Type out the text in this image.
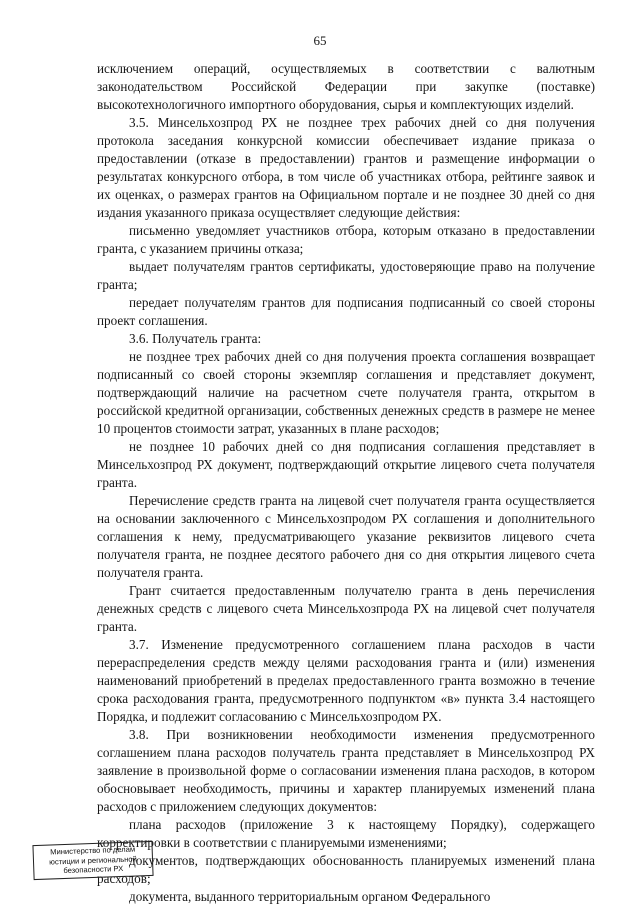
65

исключением операций, осуществляемых в соответствии с валютным законодательством Российской Федерации при закупке (поставке) высокотехнологичного импортного оборудования, сырья и комплектующих изделий.

3.5. Минсельхозпрод РХ не позднее трех рабочих дней со дня получения протокола заседания конкурсной комиссии обеспечивает издание приказа о предоставлении (отказе в предоставлении) грантов и размещение информации о результатах конкурсного отбора, в том числе об участниках отбора, рейтинге заявок и их оценках, о размерах грантов на Официальном портале и не позднее 30 дней со дня издания указанного приказа осуществляет следующие действия:

письменно уведомляет участников отбора, которым отказано в предоставлении гранта, с указанием причины отказа;

выдает получателям грантов сертификаты, удостоверяющие право на получение гранта;

передает получателям грантов для подписания подписанный со своей стороны проект соглашения.

3.6. Получатель гранта:

не позднее трех рабочих дней со дня получения проекта соглашения возвращает подписанный со своей стороны экземпляр соглашения и представляет документ, подтверждающий наличие на расчетном счете получателя гранта, открытом в российской кредитной организации, собственных денежных средств в размере не менее 10 процентов стоимости затрат, указанных в плане расходов;

не позднее 10 рабочих дней со дня подписания соглашения представляет в Минсельхозпрод РХ документ, подтверждающий открытие лицевого счета получателя гранта.

Перечисление средств гранта на лицевой счет получателя гранта осуществляется на основании заключенного с Минсельхозпродом РХ соглашения и дополнительного соглашения к нему, предусматривающего указание реквизитов лицевого счета получателя гранта, не позднее десятого рабочего дня со дня открытия лицевого счета получателя гранта.

Грант считается предоставленным получателю гранта в день перечисления денежных средств с лицевого счета Минсельхозпрода РХ на лицевой счет получателя гранта.

3.7. Изменение предусмотренного соглашением плана расходов в части перераспределения средств между целями расходования гранта и (или) изменения наименований приобретений в пределах предоставленного гранта возможно в течение срока расходования гранта, предусмотренного подпунктом «в» пункта 3.4 настоящего Порядка, и подлежит согласованию с Минсельхозпродом РХ.

3.8. При возникновении необходимости изменения предусмотренного соглашением плана расходов получатель гранта представляет в Минсельхозпрод РХ заявление в произвольной форме о согласовании изменения плана расходов, в котором обосновывает необходимость, причины и характер планируемых изменений плана расходов с приложением следующих документов:

плана расходов (приложение 3 к настоящему Порядку), содержащего корректировки в соответствии с планируемыми изменениями;

документов, подтверждающих обоснованность планируемых изменений плана расходов;

документа, выданного территориальным органом Федерального

Министерство по делам
юстиции и региональной
безопасности РХ
